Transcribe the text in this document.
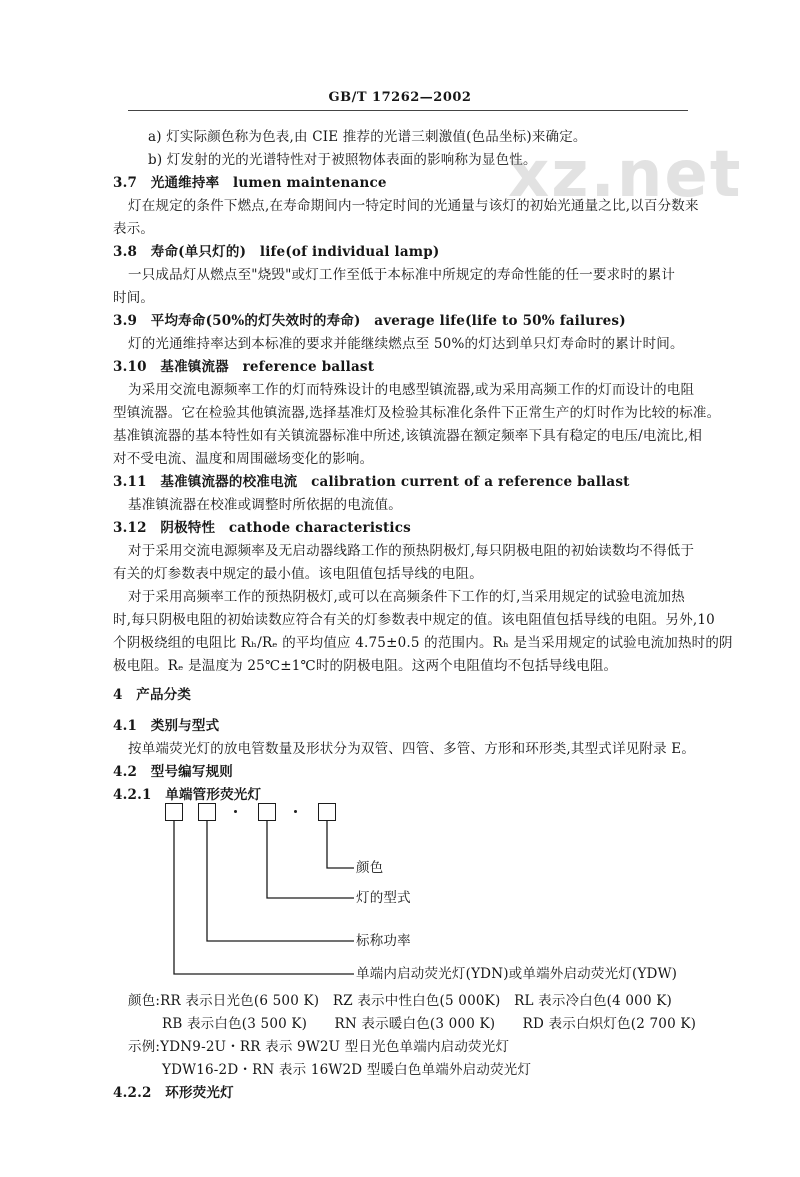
GB/T 17262—2002
xz.net
a) 灯实际颜色称为色表,由 CIE 推荐的光谱三刺激值(色品坐标)来确定。
b) 灯发射的光的光谱特性对于被照物体表面的影响称为显色性。
3.7　光通维持率　lumen maintenance
灯在规定的条件下燃点,在寿命期间内一特定时间的光通量与该灯的初始光通量之比,以百分数来
表示。
3.8　寿命(单只灯的)　life(of individual lamp)
一只成品灯从燃点至"烧毁"或灯工作至低于本标准中所规定的寿命性能的任一要求时的累计
时间。
3.9　平均寿命(50%的灯失效时的寿命)　average life(life to 50% failures)
灯的光通维持率达到本标准的要求并能继续燃点至 50%的灯达到单只灯寿命时的累计时间。
3.10　基准镇流器　reference ballast
为采用交流电源频率工作的灯而特殊设计的电感型镇流器,或为采用高频工作的灯而设计的电阻
型镇流器。它在检验其他镇流器,选择基准灯及检验其标准化条件下正常生产的灯时作为比较的标准。
基准镇流器的基本特性如有关镇流器标准中所述,该镇流器在额定频率下具有稳定的电压/电流比,相
对不受电流、温度和周围磁场变化的影响。
3.11　基准镇流器的校准电流　calibration current of a reference ballast
基准镇流器在校准或调整时所依据的电流值。
3.12　阴极特性　cathode characteristics
对于采用交流电源频率及无启动器线路工作的预热阴极灯,每只阴极电阻的初始读数均不得低于
有关的灯参数表中规定的最小值。该电阻值包括导线的电阻。
对于采用高频率工作的预热阴极灯,或可以在高频条件下工作的灯,当采用规定的试验电流加热
时,每只阴极电阻的初始读数应符合有关的灯参数表中规定的值。该电阻值包括导线的电阻。另外,10
个阴极绕组的电阻比 Rₕ/Rₑ 的平均值应 4.75±0.5 的范围内。Rₕ 是当采用规定的试验电流加热时的阴
极电阻。Rₑ 是温度为 25℃±1℃时的阴极电阻。这两个电阻值均不包括导线电阻。
4　产品分类
4.1　类别与型式
按单端荧光灯的放电管数量及形状分为双管、四管、多管、方形和环形类,其型式详见附录 E。
4.2　型号编写规则
4.2.1　单端管形荧光灯
颜色
灯的型式
标称功率
单端内启动荧光灯(YDN)或单端外启动荧光灯(YDW)
颜色:RR 表示日光色(6 500 K)　RZ 表示中性白色(5 000K)　RL 表示冷白色(4 000 K)
RB 表示白色(3 500 K)　　RN 表示暖白色(3 000 K)　　RD 表示白炽灯色(2 700 K)
示例:YDN9-2U・RR 表示 9W2U 型日光色单端内启动荧光灯
YDW16-2D・RN 表示 16W2D 型暖白色单端外启动荧光灯
4.2.2　环形荧光灯
